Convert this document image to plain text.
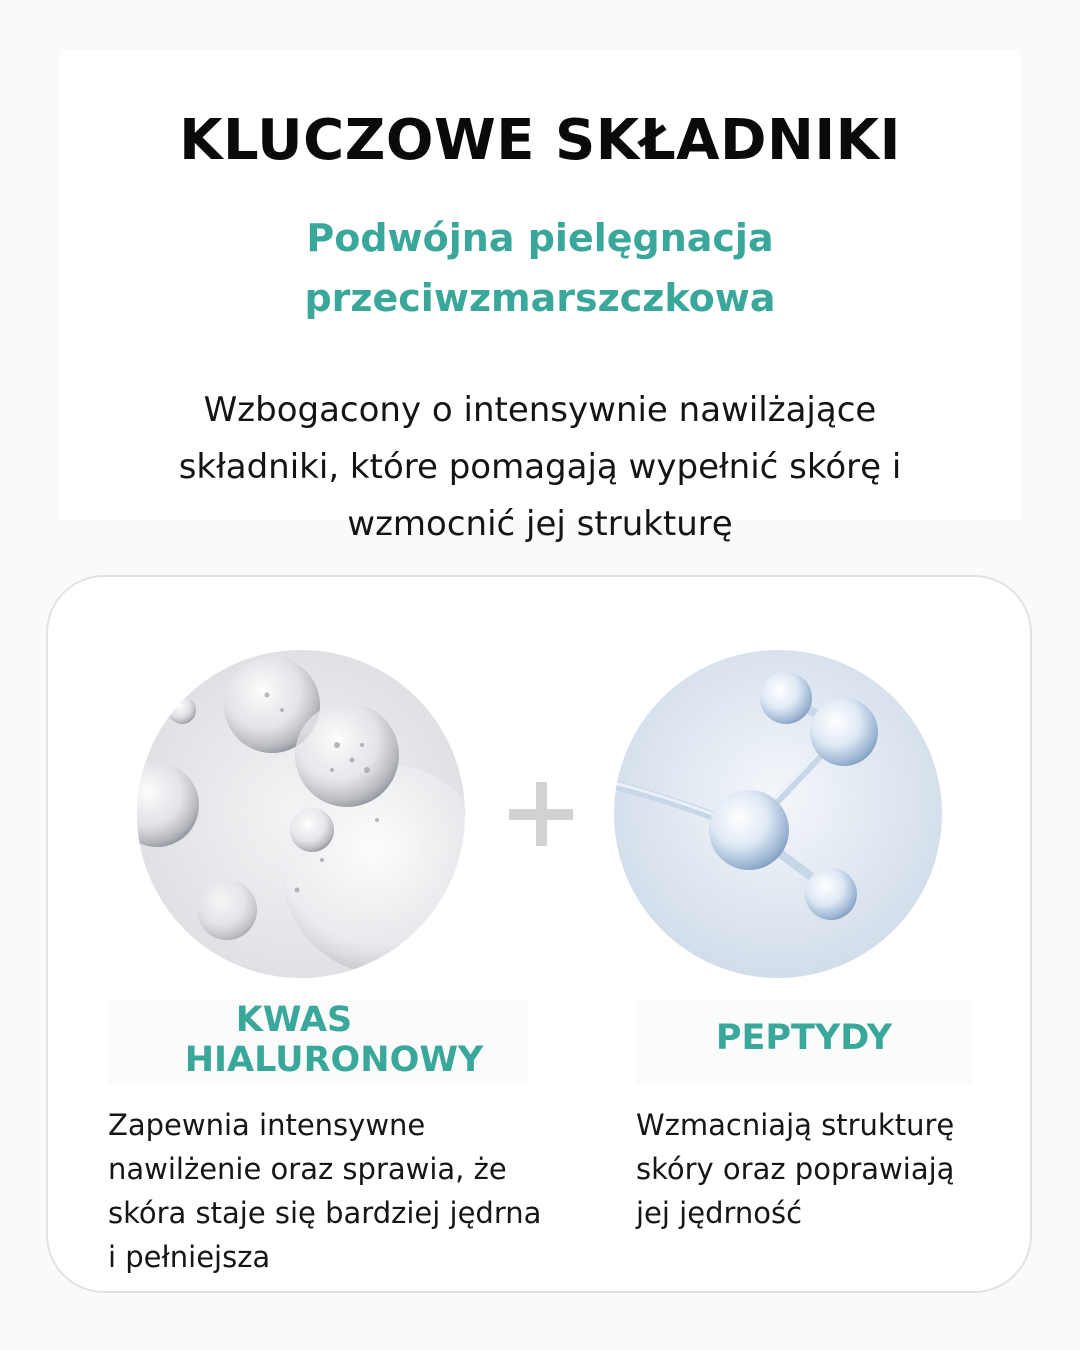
KLUCZOWE SKŁADNIKI
Podwójna pielęgnacja
przeciwzmarszczkowa
Wzbogacony o intensywnie nawilżające
składniki, które pomagają wypełnić skórę i
wzmocnić jej strukturę
KWAS
HIALURONOWY
PEPTYDY
Zapewnia intensywne
nawilżenie oraz sprawia, że
skóra staje się bardziej jędrna
i pełniejsza
Wzmacniają strukturę
skóry oraz poprawiają
jej jędrność
